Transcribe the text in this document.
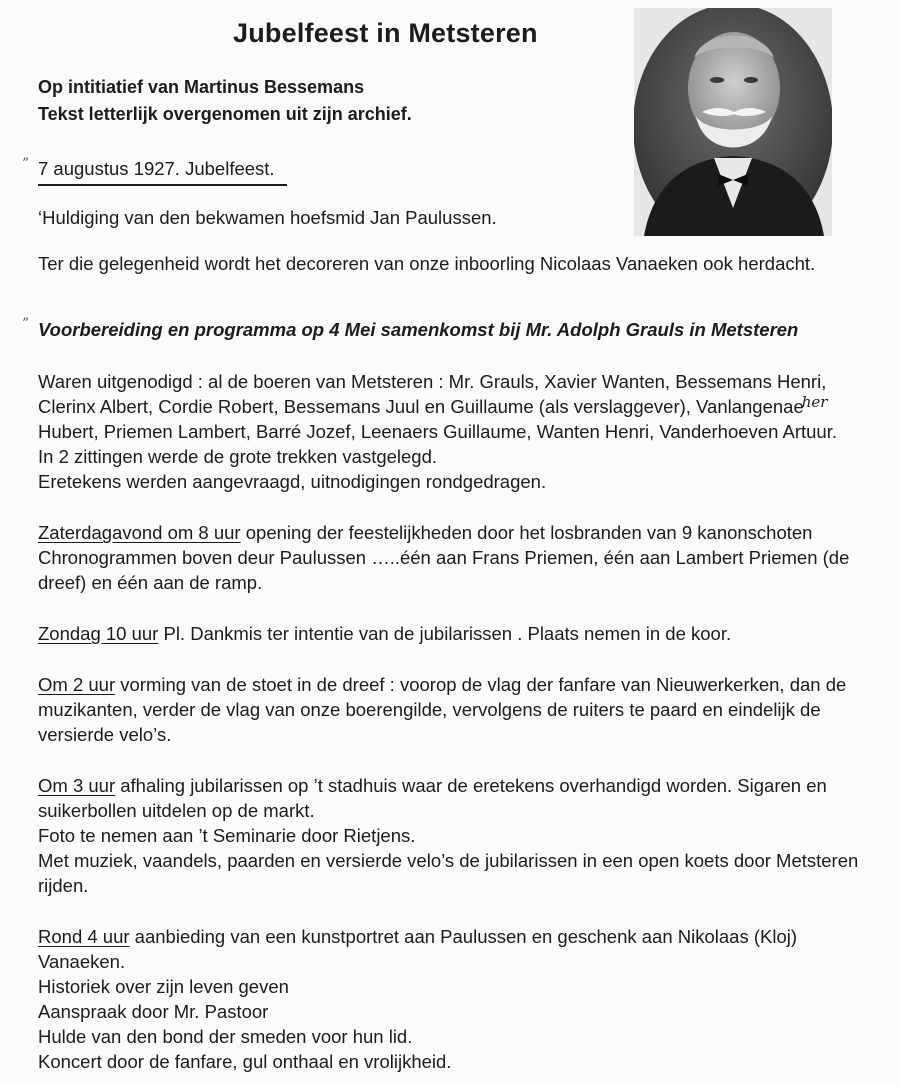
Jubelfeest in Metsteren

Op intitiatief van Martinus Bessemans

Tekst letterlijk overgenomen uit zijn archief.

” 7 augustus 1927. Jubelfeest.

‘Huldiging van den bekwamen hoefsmid Jan Paulussen.

Ter die gelegenheid wordt het decoreren van onze inboorling Nicolaas Vanaeken ook herdacht.

” Voorbereiding en programma op 4 Mei samenkomst bij Mr. Adolph Grauls in Metsteren

Waren uitgenodigd : al de boeren van Metsteren : Mr. Grauls, Xavier Wanten, Bessemans Henri,

Clerinx Albert, Cordie Robert, Bessemans Juul en Guillaume (als verslaggever), Vanlangenae$^{her}$

Hubert, Priemen Lambert, Barré Jozef, Leenaers Guillaume, Wanten Henri, Vanderhoeven Artuur.

In 2 zittingen werde de grote trekken vastgelegd.

Eretekens werden aangevraagd, uitnodigingen rondgedragen.

Zaterdagavond om 8 uur opening der feestelijkheden door het losbranden van 9 kanonschoten

Chronogrammen boven deur Paulussen …..één aan Frans Priemen, één aan Lambert Priemen (de

dreef) en één aan de ramp.

Zondag 10 uur Pl. Dankmis ter intentie van de jubilarissen . Plaats nemen in de koor.

Om 2 uur vorming van de stoet in de dreef : voorop de vlag der fanfare van Nieuwerkerken, dan de

muzikanten, verder de vlag van onze boerengilde, vervolgens de ruiters te paard en eindelijk de

versierde velo’s.

Om 3 uur afhaling jubilarissen op ’t stadhuis waar de eretekens overhandigd worden. Sigaren en

suikerbollen uitdelen op de markt.

Foto te nemen aan ’t Seminarie door Rietjens.

Met muziek, vaandels, paarden en versierde velo’s de jubilarissen in een open koets door Metsteren

rijden.

Rond 4 uur aanbieding van een kunstportret aan Paulussen en geschenk aan Nikolaas (Kloj)

Vanaeken.

Historiek over zijn leven geven

Aanspraak door Mr. Pastoor

Hulde van den bond der smeden voor hun lid.

Koncert door de fanfare, gul onthaal en vrolijkheid.
